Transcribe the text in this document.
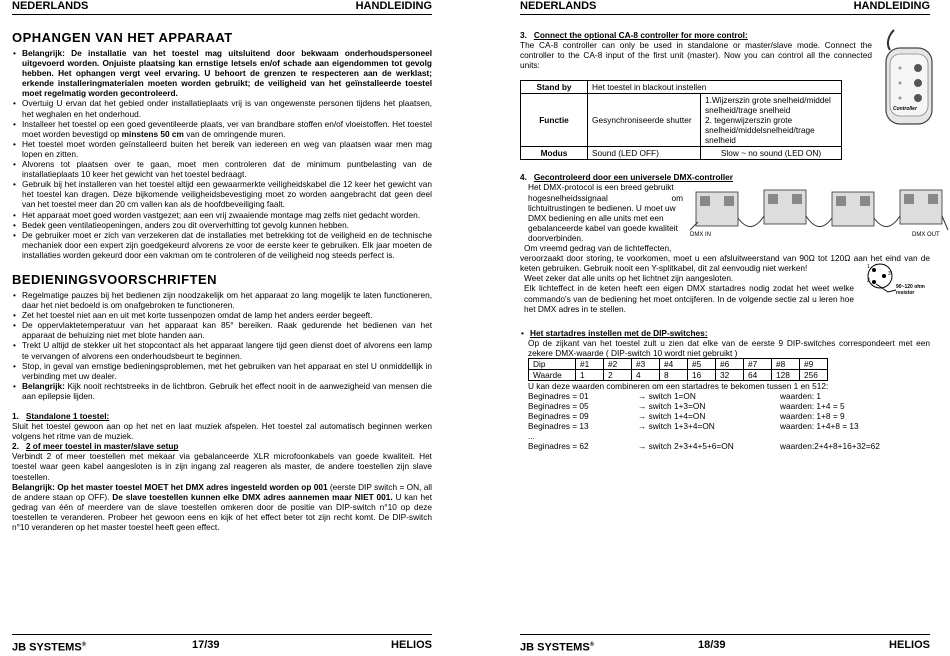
NEDERLANDS	HANDLEIDING
OPHANGEN VAN HET APPARAAT
• Belangrijk: De installatie van het toestel mag uitsluitend door bekwaam onderhoudspersoneel uitgevoerd worden. Onjuiste plaatsing kan ernstige letsels en/of schade aan eigendommen tot gevolg hebben. Het ophangen vergt veel ervaring. U behoort de grenzen te respecteren aan de werklast; erkende installeringmaterialen moeten worden gebruikt; de veiligheid van het geïnstalleerde toestel moet regelmatig worden gecontroleerd.
• Overtuig U ervan dat het gebied onder installatieplaats vrij is van ongewenste personen tijdens het plaatsen, het weghalen en het onderhoud.
• Installeer het toestel op een goed geventileerde plaats, ver van brandbare stoffen en/of vloeistoffen. Het toestel moet worden bevestigd op minstens 50 cm van de omringende muren.
• Het toestel moet worden geïnstalleerd buiten het bereik van iedereen en weg van plaatsen waar men mag lopen en zitten.
• Alvorens tot plaatsen over te gaan, moet men controleren dat de minimum puntbelasting van de installatieplaats 10 keer het gewicht van het toestel bedraagt.
• Gebruik bij het installeren van het toestel altijd een gewaarmerkte veiligheidskabel die 12 keer het gewicht van het toestel kan dragen. Deze bijkomende veiligheidsbevestiging moet zo worden aangebracht dat geen deel van het toestel meer dan 20 cm vallen kan als de hoofdbeveiliging faalt.
• Het apparaat moet goed worden vastgezet; aan een vrij zwaaiende montage mag zelfs niet gedacht worden.
• Bedek geen ventilatieopeningen, anders zou dit oververhitting tot gevolg kunnen hebben.
• De gebruiker moet er zich van verzekeren dat de installaties met betrekking tot de veiligheid en de technische mechaniek door een expert zijn goedgekeurd alvorens ze voor de eerste keer te gebruiken. Elk jaar moeten de installaties worden gekeurd door een vakman om te controleren of de veiligheid nog steeds perfect is.
BEDIENINGSVOORSCHRIFTEN
• Regelmatige pauzes bij het bedienen zijn noodzakelijk om het apparaat zo lang mogelijk te laten functioneren, daar het niet bedoeld is om onafgebroken te functioneren.
• Zet het toestel niet aan en uit met korte tussenpozen omdat de lamp het anders eerder begeeft.
• De oppervlaktetemperatuur van het apparaat kan 85° bereiken. Raak gedurende het bedienen van het apparaat de behuizing niet met blote handen aan.
• Trekt U altijd de stekker uit het stopcontact als het apparaat langere tijd geen dienst doet of alvorens een lamp te vervangen of alvorens een onderhoudsbeurt te beginnen.
• Stop, in geval van ernstige bedieningsproblemen, met het gebruiken van het apparaat en stel U onmiddellijk in verbinding met uw dealer.
• Belangrijk: Kijk nooit rechtstreeks in de lichtbron. Gebruik het effect nooit in de aanwezigheid van mensen die aan epilepsie lijden.

1. Standalone 1 toestel:

Sluit het toestel gewoon aan op het net en laat muziek afspelen. Het toestel zal automatisch beginnen werken volgens het ritme van de muziek.

2. 2 of meer toestel in master/slave setup

Verbindt 2 of meer toestellen met mekaar via gebalanceerde XLR microfoonkabels van goede kwaliteit. Het toestel waar geen kabel aangesloten is in zijn ingang zal reageren als master, de andere toestellen zijn slave toestellen.

Belangrijk: Op het master toestel MOET het DMX adres ingesteld worden op 001 (eerste DIP switch = ON, all de andere staan op OFF). De slave toestellen kunnen elke DMX adres aannemen maar NIET 001. U kan het gedrag van één of meerdere van de slave toestellen omkeren door de positie van DIP-switch n°10 op deze toestellen te veranderen. Probeer het gewoon eens en kijk of het effect beter tot zijn recht komt. De DIP-switch n°10 veranderen op het master toestel heeft geen effect.

JB SYSTEMS®	17/39	HELIOS
NEDERLANDS	HANDLEIDING

3. Connect the optional CA-8 controller for more control:

The CA-8 controller can only be used in standalone or master/slave mode. Connect the controller to the CA-8 input of the first unit (master). Now you can control all the connected units:

Stand by	Het toestel in blackout instellen	
Functie	Gesynchroniseerde shutter	1.Wijzerszin grote snelheid/middel snelheid/trage snelheid
2. tegenwijzerszin grote snelheid/middelsnelheid/trage snelheid

Modus	Sound (LED OFF)	Slow ~ no sound (LED ON)

4. Gecontroleerd door een universele DMX-controller

Het DMX-protocol is een breed gebruikt
hogesnelheidssignaal om
lichtuitrustingen te bedienen. U moet uw
DMX bediening en alle units met een
gebalanceerde kabel van goede kwaliteit
doorverbinden.
Om vreemd gedrag van de lichteffecten,

veroorzaakt door storing, te voorkomen, moet u een afsluitweerstand van 90Ω tot 120Ω aan het eind van de keten gebruiken. Gebruik nooit een Y-splitkabel, dit zal eenvoudig niet werken!

Weet zeker dat alle units op het lichtnet zijn aangesloten.

Elk lichteffect in de keten heeft een eigen DMX startadres nodig zodat het weet welke commando's van de bediening het moet ontcijferen. In de volgende sectie zal u leren hoe het DMX adres in te stellen.

• Het startadres instellen met de DIP-switches:

Op de zijkant van het toestel zult u zien dat elke van de eerste 9 DIP-switches correspondeert met een zekere DMX-waarde ( DIP-switch 10 wordt niet gebruikt )

Dip	#1	#2	#3	#4	#5	#6	#7	#8	#9
Waarde	1	2	4	8	16	32	64	128	256

U kan deze waarden combineren om een startadres te bekomen tussen 1 en 512:

Beginadres = 01	→ switch 1=ON	waarden: 1
Beginadres = 05	→ switch 1+3=ON	waarden: 1+4 = 5
Beginadres = 09	→ switch 1+4=ON	waarden: 1+8 = 9
Beginadres = 13	→ switch 1+3+4=ON	waarden: 1+4+8 = 13
...		
Beginadres = 62	→ switch 2+3+4+5+6=ON	waarden:2+4+8+16+32=62
Controller
DMX IN	DMX OUT
1
2
3
90~120 ohm resistor
JB SYSTEMS®	18/39	HELIOS
